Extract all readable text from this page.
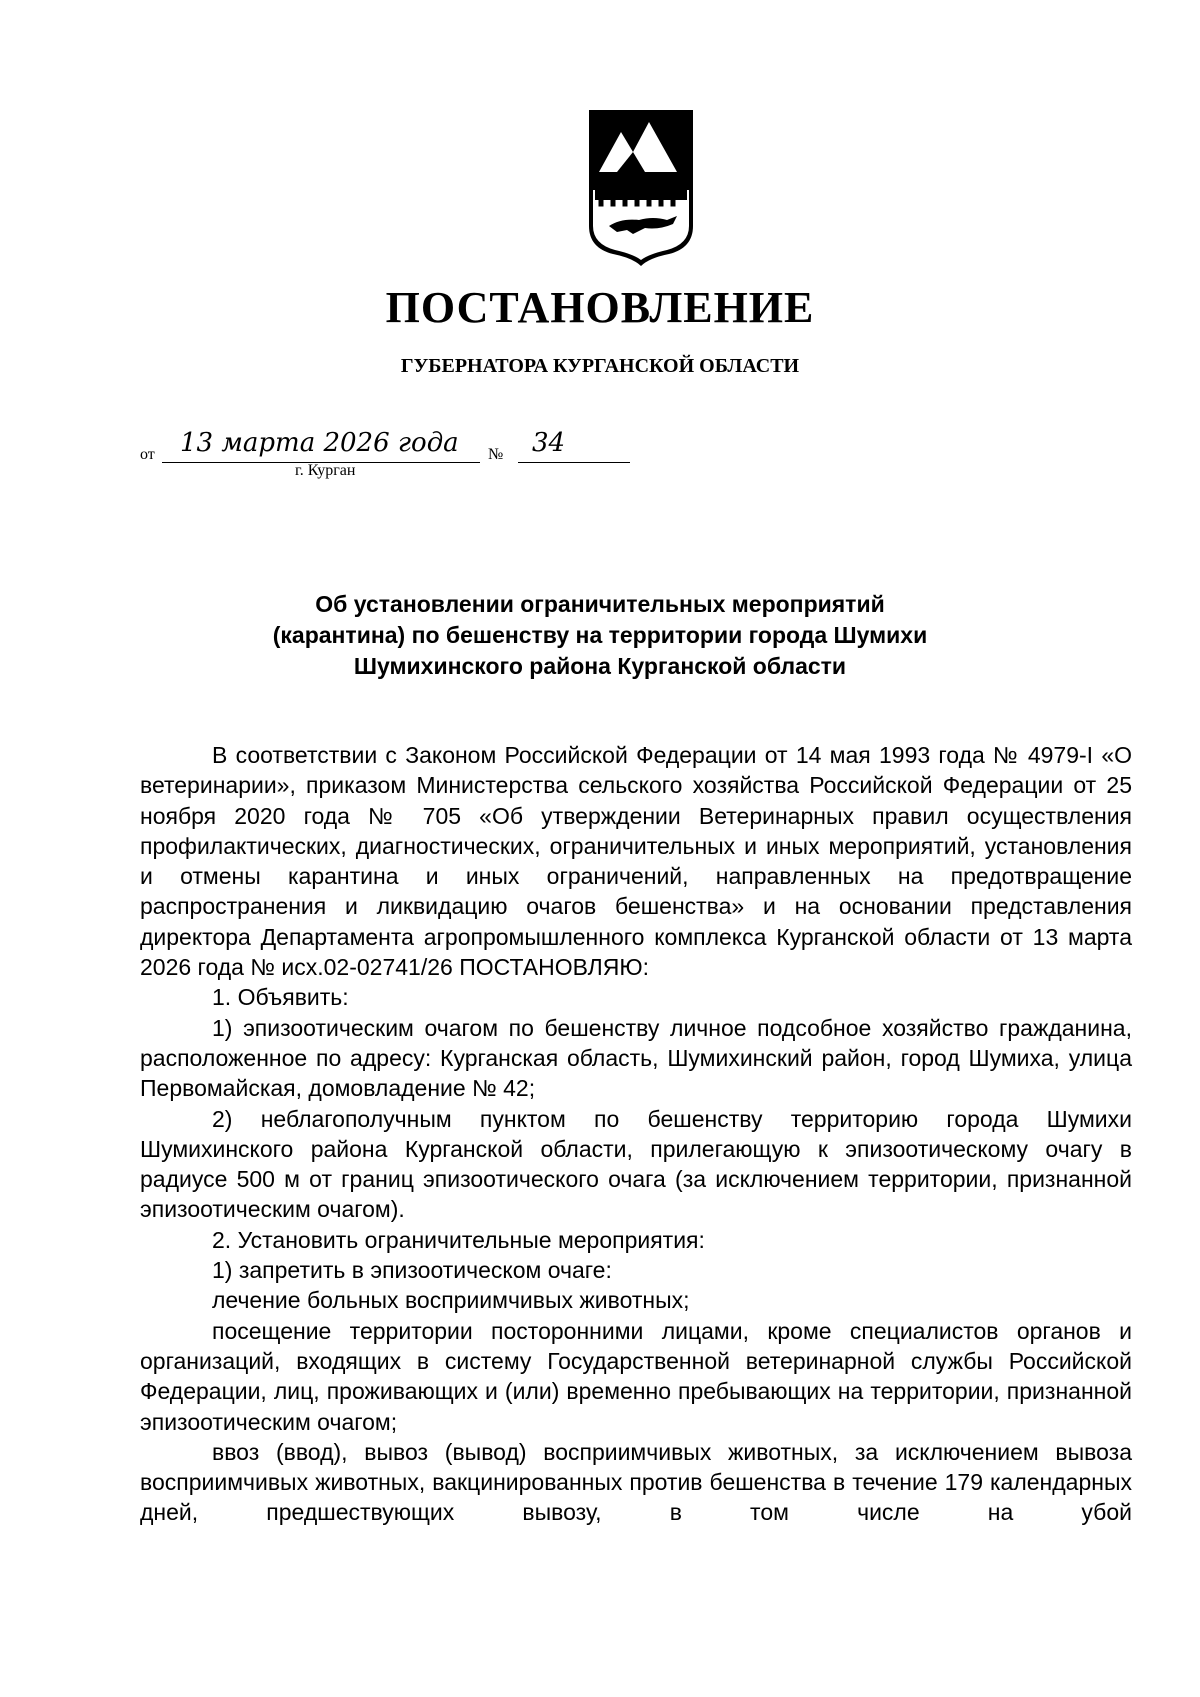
ПОСТАНОВЛЕНИЕ
ГУБЕРНАТОРА КУРГАНСКОЙ ОБЛАСТИ
от 13 марта 2026 года № 34
г. Курган
Об установлении ограничительных мероприятий
(карантина) по бешенству на территории города Шумихи
Шумихинского района Курганской области

В соответствии с Законом Российской Федерации от 14 мая 1993 года № 4979-I «О ветеринарии», приказом Министерства сельского хозяйства Российской Федерации от 25 ноября 2020 года № 705 «Об утверждении Ветеринарных правил осуществления профилактических, диагностических, ограничительных и иных мероприятий, установления и отмены карантина и иных ограничений, направленных на предотвращение распространения и ликвидацию очагов бешенства» и на основании представления директора Департамента агропромышленного комплекса Курганской области от 13 марта 2026 года № исх.02-02741/26 ПОСТАНОВЛЯЮ:

1. Объявить:

1) эпизоотическим очагом по бешенству личное подсобное хозяйство гражданина, расположенное по адресу: Курганская область, Шумихинский район, город Шумиха, улица Первомайская, домовладение № 42;

2) неблагополучным пунктом по бешенству территорию города Шумихи Шумихинского района Курганской области, прилегающую к эпизоотическому очагу в радиусе 500 м от границ эпизоотического очага (за исключением территории, признанной эпизоотическим очагом).

2. Установить ограничительные мероприятия:

1) запретить в эпизоотическом очаге:

лечение больных восприимчивых животных;

посещение территории посторонними лицами, кроме специалистов органов и организаций, входящих в систему Государственной ветеринарной службы Российской Федерации, лиц, проживающих и (или) временно пребывающих на территории, признанной эпизоотическим очагом;

ввоз (ввод), вывоз (вывод) восприимчивых животных, за исключением вывоза восприимчивых животных, вакцинированных против бешенства в течение 179 календарных дней, предшествующих вывозу, в том числе на убой
